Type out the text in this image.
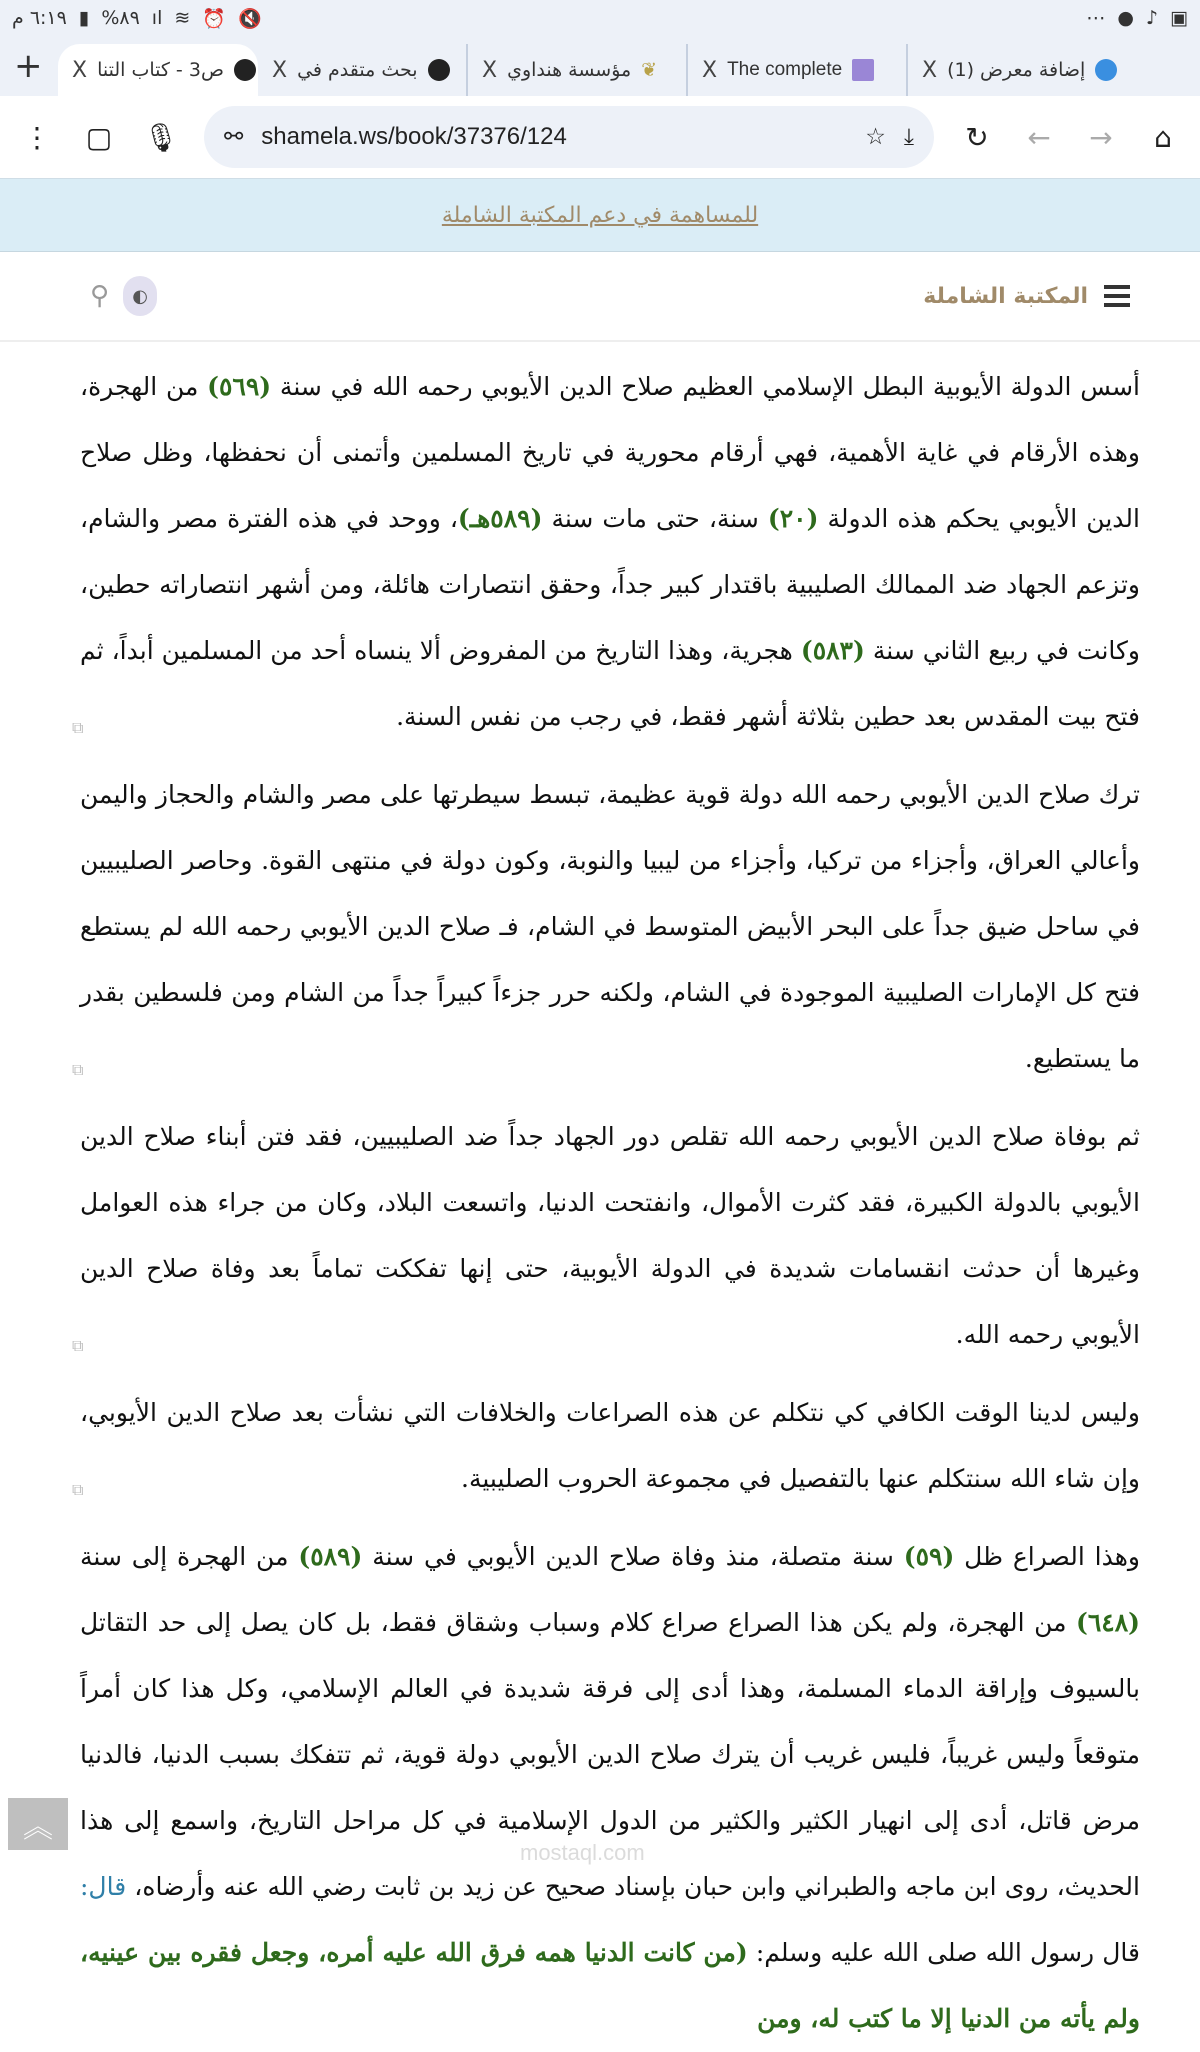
٦:١٩ م ▮ %٨٩ ıl ≋ ⏰ 🔇	⋯ ● ♪ ▣
+	X ص3 - كتاب التنا X بحث متقدم في	X مؤسسة هنداوي ❦ X The complete	X (1) إضافة معرض
⋮ ▢ 🎙 ⚯ shamela.ws/book/37376/124	☆ ⤓ ↻ ← →	⌂
للمساهمة في دعم المكتبة الشاملة
المكتبة الشاملة
⚲	◐

أسس الدولة الأيوبية البطل الإسلامي العظيم صلاح الدين الأيوبي رحمه الله في سنة (٥٦٩) من الهجرة، وهذه الأرقام في غاية الأهمية، فهي أرقام محورية في تاريخ المسلمين وأتمنى أن نحفظها، وظل صلاح الدين الأيوبي يحكم هذه الدولة (٢٠) سنة، حتى مات سنة (٥٨٩هـ)، ووحد في هذه الفترة مصر والشام، وتزعم الجهاد ضد الممالك الصليبية باقتدار كبير جداً، وحقق انتصارات هائلة، ومن أشهر انتصاراته حطين، وكانت في ربيع الثاني سنة (٥٨٣) هجرية، وهذا التاريخ من المفروض ألا ينساه أحد من المسلمين أبداً، ثم فتح بيت المقدس بعد حطين بثلاثة أشهر فقط، في رجب من نفس السنة.

⧉

ترك صلاح الدين الأيوبي رحمه الله دولة قوية عظيمة، تبسط سيطرتها على مصر والشام والحجاز واليمن وأعالي العراق، وأجزاء من تركيا، وأجزاء من ليبيا والنوبة، وكون دولة في منتهى القوة. وحاصر الصليبيين في ساحل ضيق جداً على البحر الأبيض المتوسط في الشام، فـ صلاح الدين الأيوبي رحمه الله لم يستطع فتح كل الإمارات الصليبية الموجودة في الشام، ولكنه حرر جزءاً كبيراً جداً من الشام ومن فلسطين بقدر ما يستطيع.

⧉

ثم بوفاة صلاح الدين الأيوبي رحمه الله تقلص دور الجهاد جداً ضد الصليبيين، فقد فتن أبناء صلاح الدين الأيوبي بالدولة الكبيرة، فقد كثرت الأموال، وانفتحت الدنيا، واتسعت البلاد، وكان من جراء هذه العوامل وغيرها أن حدثت انقسامات شديدة في الدولة الأيوبية، حتى إنها تفككت تماماً بعد وفاة صلاح الدين الأيوبي رحمه الله.

⧉

وليس لدينا الوقت الكافي كي نتكلم عن هذه الصراعات والخلافات التي نشأت بعد صلاح الدين الأيوبي، وإن شاء الله سنتكلم عنها بالتفصيل في مجموعة الحروب الصليبية.

⧉

وهذا الصراع ظل (٥٩) سنة متصلة، منذ وفاة صلاح الدين الأيوبي في سنة (٥٨٩) من الهجرة إلى سنة (٦٤٨) من الهجرة، ولم يكن هذا الصراع صراع كلام وسباب وشقاق فقط، بل كان يصل إلى حد التقاتل بالسيوف وإراقة الدماء المسلمة، وهذا أدى إلى فرقة شديدة في العالم الإسلامي، وكل هذا كان أمراً متوقعاً وليس غريباً، فليس غريب أن يترك صلاح الدين الأيوبي دولة قوية، ثم تتفكك بسبب الدنيا، فالدنيا مرض قاتل، أدى إلى انهيار الكثير والكثير من الدول الإسلامية في كل مراحل التاريخ، واسمع إلى هذا الحديث، روى ابن ماجه والطبراني وابن حبان بإسناد صحيح عن زيد بن ثابت رضي الله عنه وأرضاه، قال: قال رسول الله صلى الله عليه وسلم: (من كانت الدنيا همه فرق الله عليه أمره، وجعل فقره بين عينيه، ولم يأته من الدنيا إلا ما كتب له، ومن

︽
mostaql.com
